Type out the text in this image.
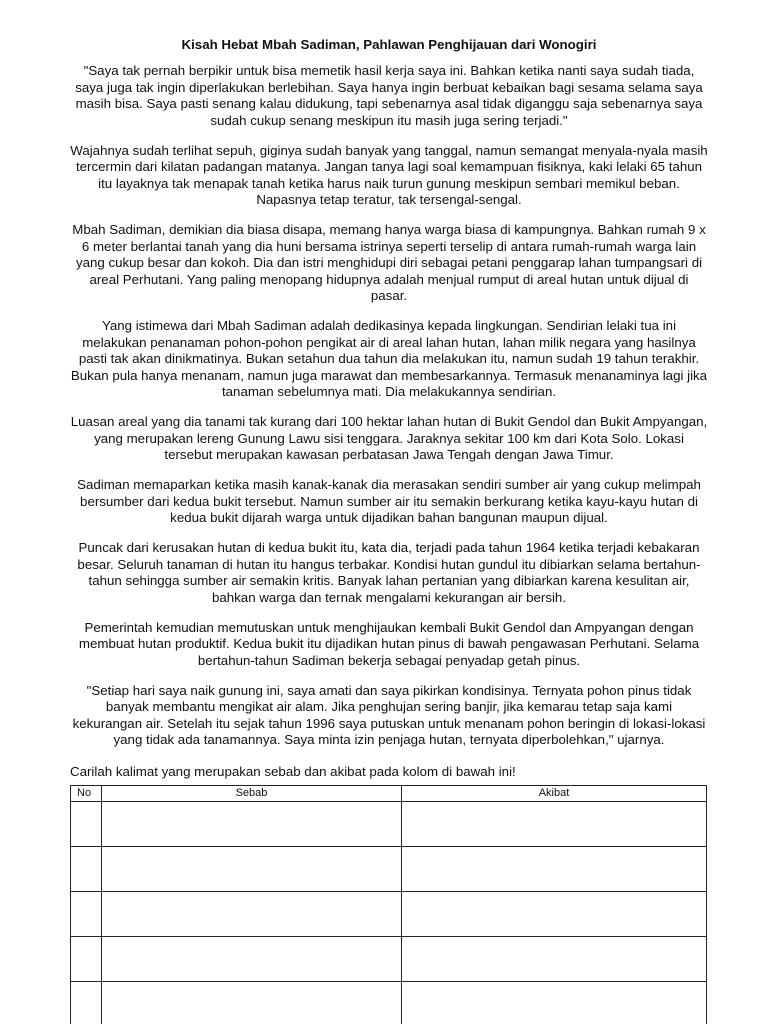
Kisah Hebat Mbah Sadiman, Pahlawan Penghijauan dari Wonogiri

"Saya tak pernah berpikir untuk bisa memetik hasil kerja saya ini. Bahkan ketika nanti saya sudah tiada, saya juga tak ingin diperlakukan berlebihan. Saya hanya ingin berbuat kebaikan bagi sesama selama saya masih bisa. Saya pasti senang kalau didukung, tapi sebenarnya asal tidak diganggu saja sebenarnya saya sudah cukup senang meskipun itu masih juga sering terjadi."

Wajahnya sudah terlihat sepuh, giginya sudah banyak yang tanggal, namun semangat menyala-nyala masih tercermin dari kilatan padangan matanya. Jangan tanya lagi soal kemampuan fisiknya, kaki lelaki 65 tahun itu layaknya tak menapak tanah ketika harus naik turun gunung meskipun sembari memikul beban. Napasnya tetap teratur, tak tersengal-sengal.

Mbah Sadiman, demikian dia biasa disapa, memang hanya warga biasa di kampungnya. Bahkan rumah 9 x 6 meter berlantai tanah yang dia huni bersama istrinya seperti terselip di antara rumah-rumah warga lain yang cukup besar dan kokoh. Dia dan istri menghidupi diri sebagai petani penggarap lahan tumpangsari di areal Perhutani. Yang paling menopang hidupnya adalah menjual rumput di areal hutan untuk dijual di pasar.

Yang istimewa dari Mbah Sadiman adalah dedikasinya kepada lingkungan. Sendirian lelaki tua ini melakukan penanaman pohon-pohon pengikat air di areal lahan hutan, lahan milik negara yang hasilnya pasti tak akan dinikmatinya. Bukan setahun dua tahun dia melakukan itu, namun sudah 19 tahun terakhir. Bukan pula hanya menanam, namun juga marawat dan membesarkannya. Termasuk menanaminya lagi jika tanaman sebelumnya mati. Dia melakukannya sendirian.

Luasan areal yang dia tanami tak kurang dari 100 hektar lahan hutan di Bukit Gendol dan Bukit Ampyangan, yang merupakan lereng Gunung Lawu sisi tenggara. Jaraknya sekitar 100 km dari Kota Solo. Lokasi tersebut merupakan kawasan perbatasan Jawa Tengah dengan Jawa Timur.

Sadiman memaparkan ketika masih kanak-kanak dia merasakan sendiri sumber air yang cukup melimpah bersumber dari kedua bukit tersebut. Namun sumber air itu semakin berkurang ketika kayu-kayu hutan di kedua bukit dijarah warga untuk dijadikan bahan bangunan maupun dijual.

Puncak dari kerusakan hutan di kedua bukit itu, kata dia, terjadi pada tahun 1964 ketika terjadi kebakaran besar. Seluruh tanaman di hutan itu hangus terbakar. Kondisi hutan gundul itu dibiarkan selama bertahun-tahun sehingga sumber air semakin kritis. Banyak lahan pertanian yang dibiarkan karena kesulitan air, bahkan warga dan ternak mengalami kekurangan air bersih.

Pemerintah kemudian memutuskan untuk menghijaukan kembali Bukit Gendol dan Ampyangan dengan membuat hutan produktif. Kedua bukit itu dijadikan hutan pinus di bawah pengawasan Perhutani. Selama bertahun-tahun Sadiman bekerja sebagai penyadap getah pinus.

"Setiap hari saya naik gunung ini, saya amati dan saya pikirkan kondisinya. Ternyata pohon pinus tidak banyak membantu mengikat air alam. Jika penghujan sering banjir, jika kemarau tetap saja kami kekurangan air. Setelah itu sejak tahun 1996 saya putuskan untuk menanam pohon beringin di lokasi-lokasi yang tidak ada tanamannya. Saya minta izin penjaga hutan, ternyata diperbolehkan," ujarnya.

Carilah kalimat yang merupakan sebab dan akibat pada kolom di bawah ini!
No	Sebab	Akibat
